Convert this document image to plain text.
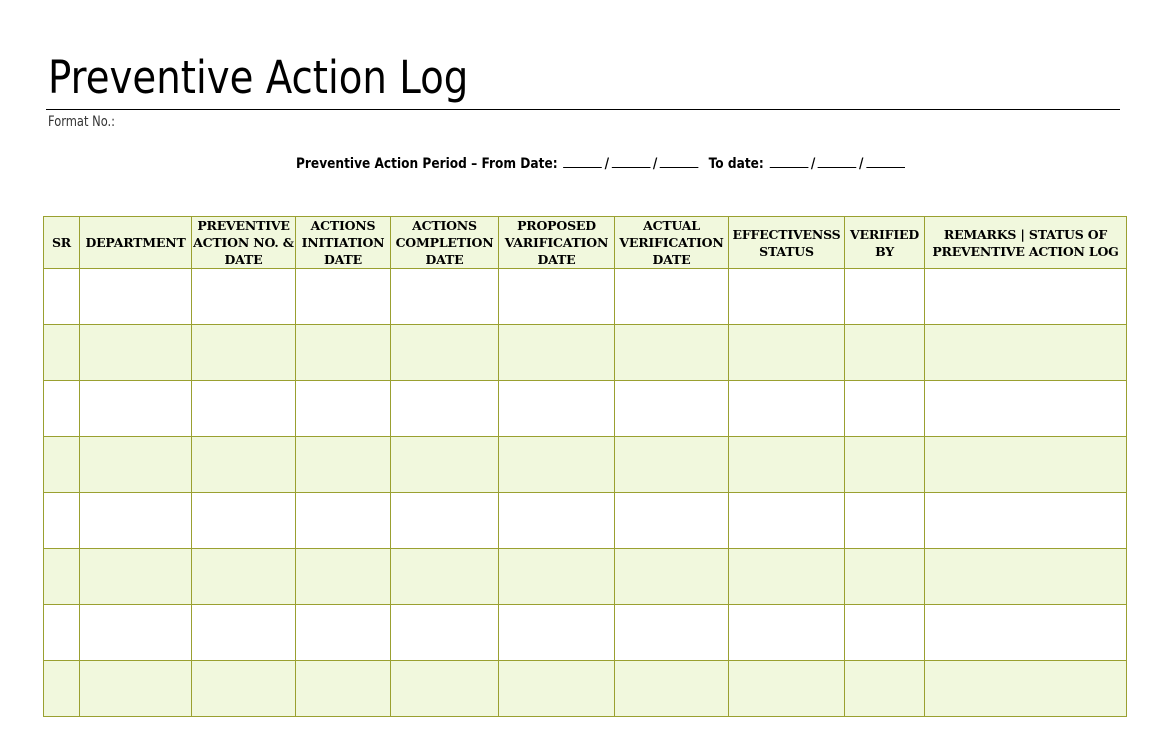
Preventive Action Log
Format No.:
Preventive Action Period – From Date:	/	/	To date:	/	/
SR	DEPARTMENT	PREVENTIVE ACTION NO. & DATE	ACTIONS INITIATION DATE	ACTIONS COMPLETION DATE	PROPOSED VARIFICATION DATE	ACTUAL VERIFICATION DATE	EFFECTIVENSS STATUS	VERIFIED BY	REMARKS | STATUS OF PREVENTIVE ACTION LOG
